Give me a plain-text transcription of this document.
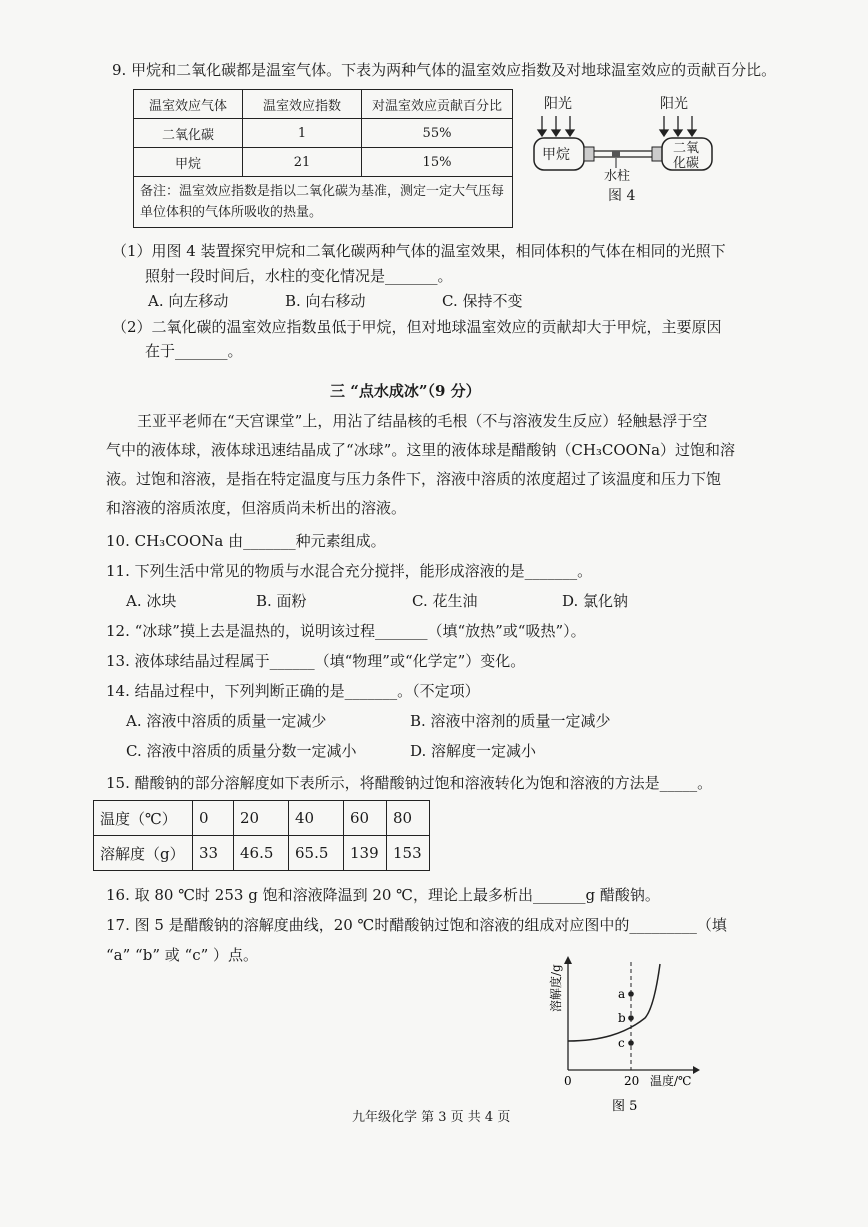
9. 甲烷和二氧化碳都是温室气体。下表为两种气体的温室效应指数及对地球温室效应的贡献百分比。
温室效应气体	温室效应指数	对温室效应贡献百分比
二氧化碳	1	55%
甲烷	21	15%
备注：温室效应指数是指以二氧化碳为基准，测定一定大气压每单位体积的气体所吸收的热量。		
阳光	阳光
甲烷	二氧
化碳
水柱
图 4
（1）用图 4 装置探究甲烷和二氧化碳两种气体的温室效果，相同体积的气体在相同的光照下
照射一段时间后，水柱的变化情况是_______。
A. 向左移动	B. 向右移动	C. 保持不变
（2）二氧化碳的温室效应指数虽低于甲烷，但对地球温室效应的贡献却大于甲烷，主要原因
在于_______。
三 “点水成冰”（9 分）
王亚平老师在“天宫课堂”上，用沾了结晶核的毛根（不与溶液发生反应）轻触悬浮于空
气中的液体球，液体球迅速结晶成了“冰球”。这里的液体球是醋酸钠（CH₃COONa）过饱和溶
液。过饱和溶液，是指在特定温度与压力条件下，溶液中溶质的浓度超过了该温度和压力下饱
和溶液的溶质浓度，但溶质尚未析出的溶液。
10. CH₃COONa 由_______种元素组成。
11. 下列生活中常见的物质与水混合充分搅拌，能形成溶液的是_______。
A. 冰块	B. 面粉	C. 花生油	D. 氯化钠
12. “冰球”摸上去是温热的，说明该过程_______（填“放热”或“吸热”）。
13. 液体球结晶过程属于______（填“物理”或“化学定”）变化。
14. 结晶过程中，下列判断正确的是_______。（不定项）
A. 溶液中溶质的质量一定减少	B. 溶液中溶剂的质量一定减少
C. 溶液中溶质的质量分数一定减小	D. 溶解度一定减小
15. 醋酸钠的部分溶解度如下表所示，将醋酸钠过饱和溶液转化为饱和溶液的方法是_____。
温度（℃）	0	20	40	60	80
溶解度（g）	33	46.5	65.5	139	153
16. 取 80 ℃时 253 g 饱和溶液降温到 20 ℃，理论上最多析出_______g 醋酸钠。
17. 图 5 是醋酸钠的溶解度曲线，20 ℃时醋酸钠过饱和溶液的组成对应图中的_________（填
“a” “b” 或 “c” ）点。
a
b
c
溶解度/g
0	20 温度/℃
图 5
九年级化学 第 3 页 共 4 页
